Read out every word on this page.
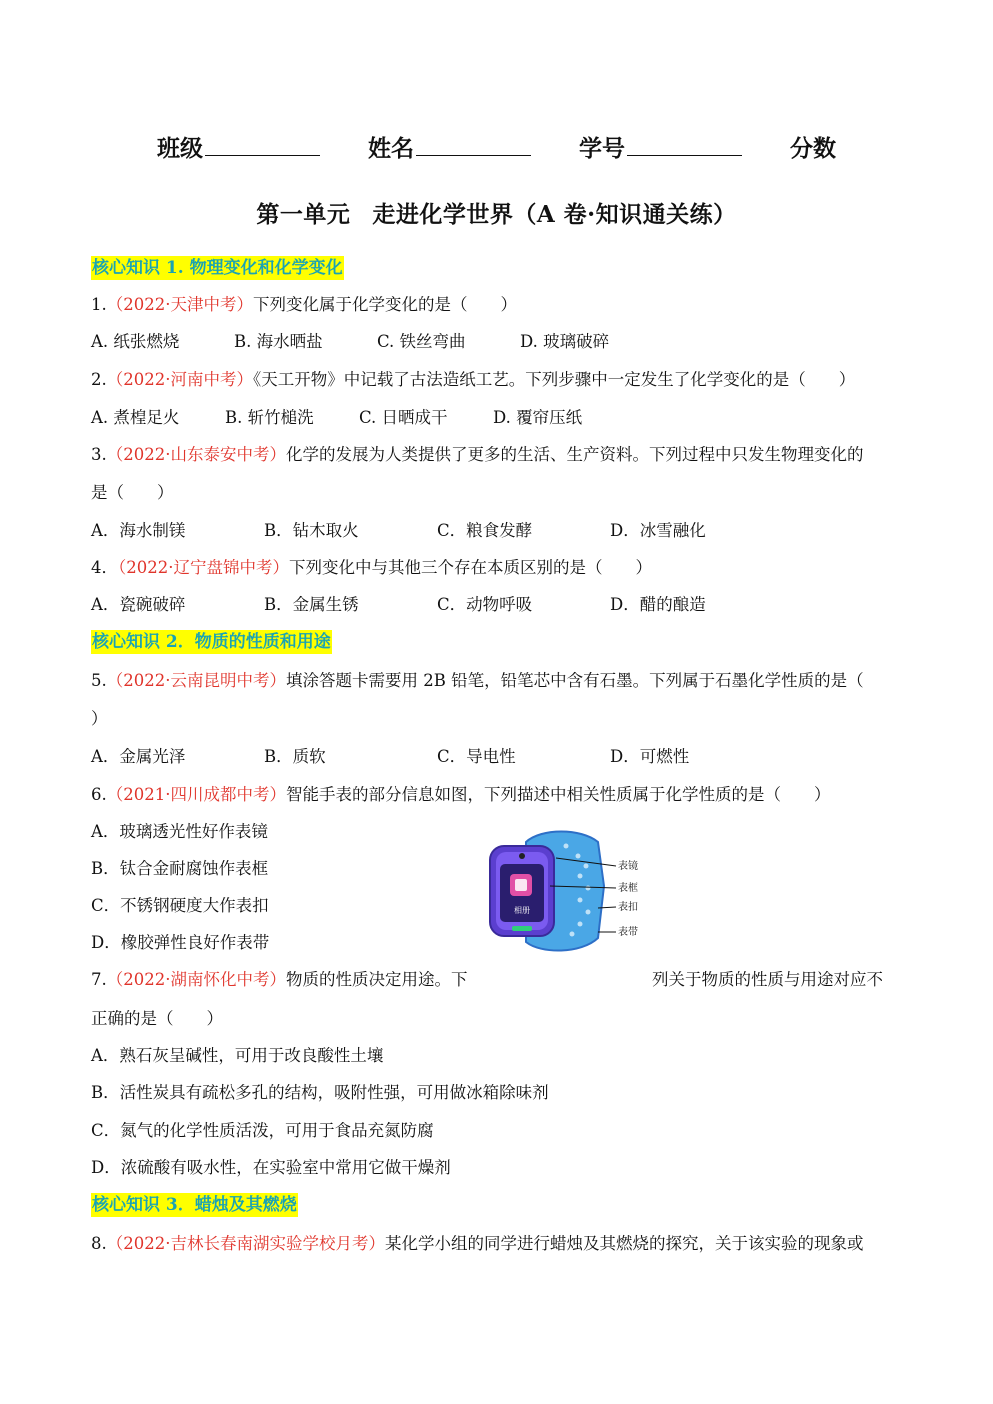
班级	姓名	学号	分数
第一单元 走进化学世界（A 卷·知识通关练）
核心知识 1. 物理变化和化学变化
1.（2022·天津中考）下列变化属于化学变化的是（　　）
A. 纸张燃烧	B. 海水晒盐	C. 铁丝弯曲	D. 玻璃破碎
2.（2022·河南中考）《天工开物》中记载了古法造纸工艺。下列步骤中一定发生了化学变化的是（　　）
A. 煮楻足火	B. 斩竹槌洗	C. 日晒成干	D. 覆帘压纸
3.（2022·山东泰安中考）化学的发展为人类提供了更多的生活、生产资料。下列过程中只发生物理变化的
是（　　）
A．海水制镁	B．钻木取火	C．粮食发酵	D．冰雪融化
4．（2022·辽宁盘锦中考）下列变化中与其他三个存在本质区别的是（　　）
A．瓷碗破碎	B．金属生锈	C．动物呼吸	D．醋的酿造
核心知识 2．物质的性质和用途
5.（2022·云南昆明中考）填涂答题卡需要用 2B 铅笔，铅笔芯中含有石墨。下列属于石墨化学性质的是（
）
A．金属光泽	B．质软	C．导电性	D．可燃性
6.（2021·四川成都中考）智能手表的部分信息如图，下列描述中相关性质属于化学性质的是（　　）
A．玻璃透光性好作表镜
B．钛合金耐腐蚀作表框
C．不锈钢硬度大作表扣
D．橡胶弹性良好作表带
相册
表镜
表框
表扣
表带
7.（2022·湖南怀化中考）物质的性质决定用途。下	列关于物质的性质与用途对应不
正确的是（　　）
A．熟石灰呈碱性，可用于改良酸性土壤
B．活性炭具有疏松多孔的结构，吸附性强，可用做冰箱除味剂
C．氮气的化学性质活泼，可用于食品充氮防腐
D．浓硫酸有吸水性，在实验室中常用它做干燥剂
核心知识 3．蜡烛及其燃烧
8.（2022·吉林长春南湖实验学校月考）某化学小组的同学进行蜡烛及其燃烧的探究，关于该实验的现象或
